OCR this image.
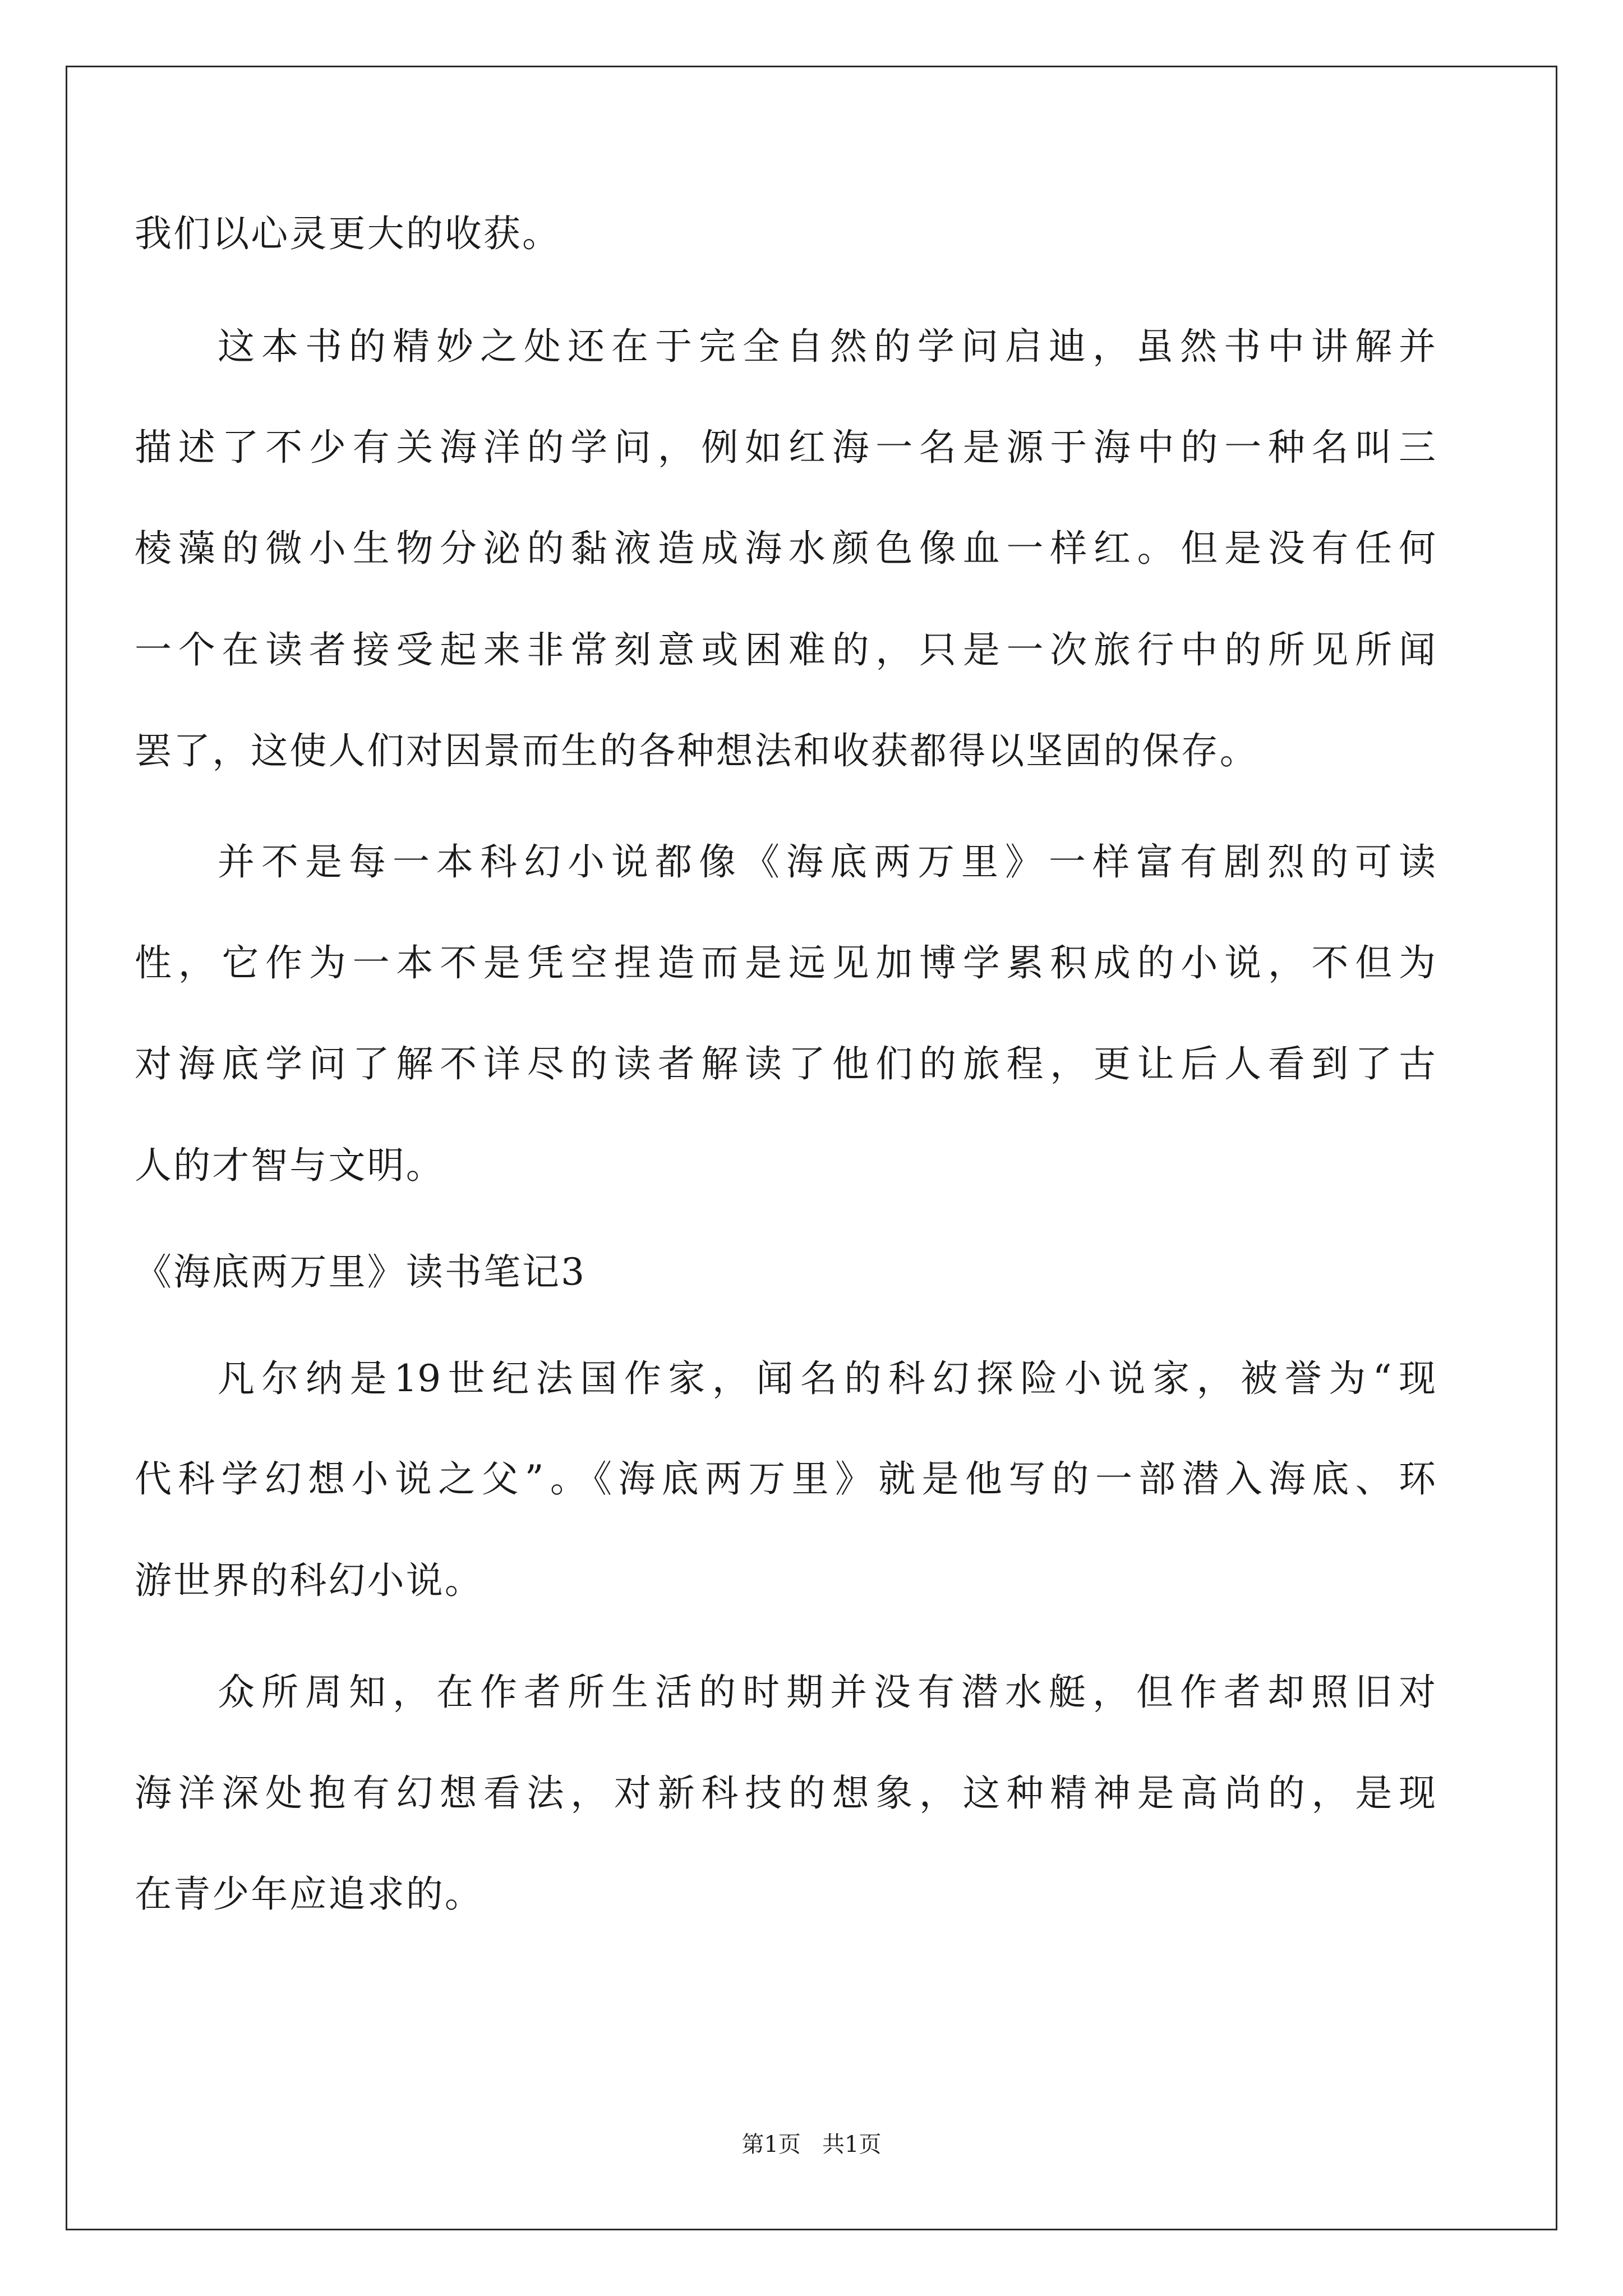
我们以心灵更大的收获。
这本书的精妙之处还在于完全自然的学问启迪，虽然书中讲解并
描述了不少有关海洋的学问，例如红海一名是源于海中的一种名叫三
棱藻的微小生物分泌的黏液造成海水颜色像血一样红。但是没有任何
一个在读者接受起来非常刻意或困难的，只是一次旅行中的所见所闻
罢了，这使人们对因景而生的各种想法和收获都得以坚固的保存。
并不是每一本科幻小说都像《海底两万里》一样富有剧烈的可读
性，它作为一本不是凭空捏造而是远见加博学累积成的小说，不但为
对海底学问了解不详尽的读者解读了他们的旅程，更让后人看到了古
人的才智与文明。
《海底两万里》读书笔记3
凡尔纳是19世纪法国作家，闻名的科幻探险小说家，被誉为“现
代科学幻想小说之父”。《海底两万里》就是他写的一部潜入海底、环
游世界的科幻小说。
众所周知，在作者所生活的时期并没有潜水艇，但作者却照旧对
海洋深处抱有幻想看法，对新科技的想象，这种精神是高尚的，是现
在青少年应追求的。
第1页   共1页
